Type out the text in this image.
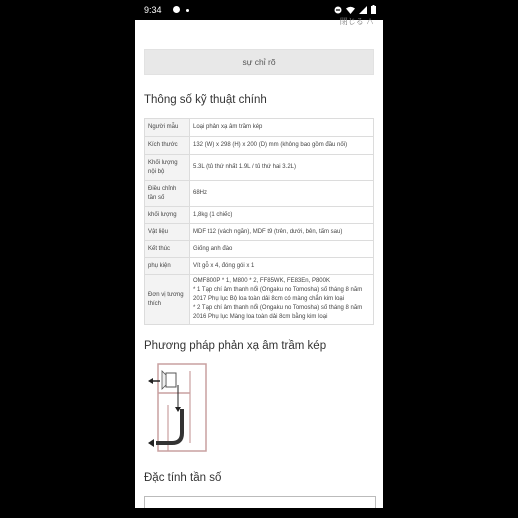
9:34
閉じる ∧
sự chỉ rõ
Thông số kỹ thuật chính
Người mẫu	Loại phản xạ âm trầm kép
Kích thước	132 (W) x 298 (H) x 200 (D) mm (không bao gồm đầu nối)
Khối lượng nội bộ	5.3L (tủ thứ nhất 1.9L / tủ thứ hai 3.2L)
Điều chỉnh tần số	68Hz
khối lượng	1,8kg (1 chiếc)
Vật liệu	MDF t12 (vách ngăn), MDF t9 (trên, dưới, bên, tấm sau)
Kết thúc	Giống anh đào
phụ kiện	Vít gỗ x 4, đóng gói x 1
Đơn vị tương thích	OMF800P * 1, M800 * 2, FF85WK, FE83En, P800K
* 1 Tạp chí âm thanh nổi (Ongaku no Tomosha) số tháng 8 năm 2017 Phụ lục Bộ loa toàn dải 8cm có màng chắn kim loại
* 2 Tạp chí âm thanh nổi (Ongaku no Tomosha) số tháng 8 năm 2016 Phụ lục Màng loa toàn dải 8cm bằng kim loại
Phương pháp phản xạ âm trầm kép
Đặc tính tần số
